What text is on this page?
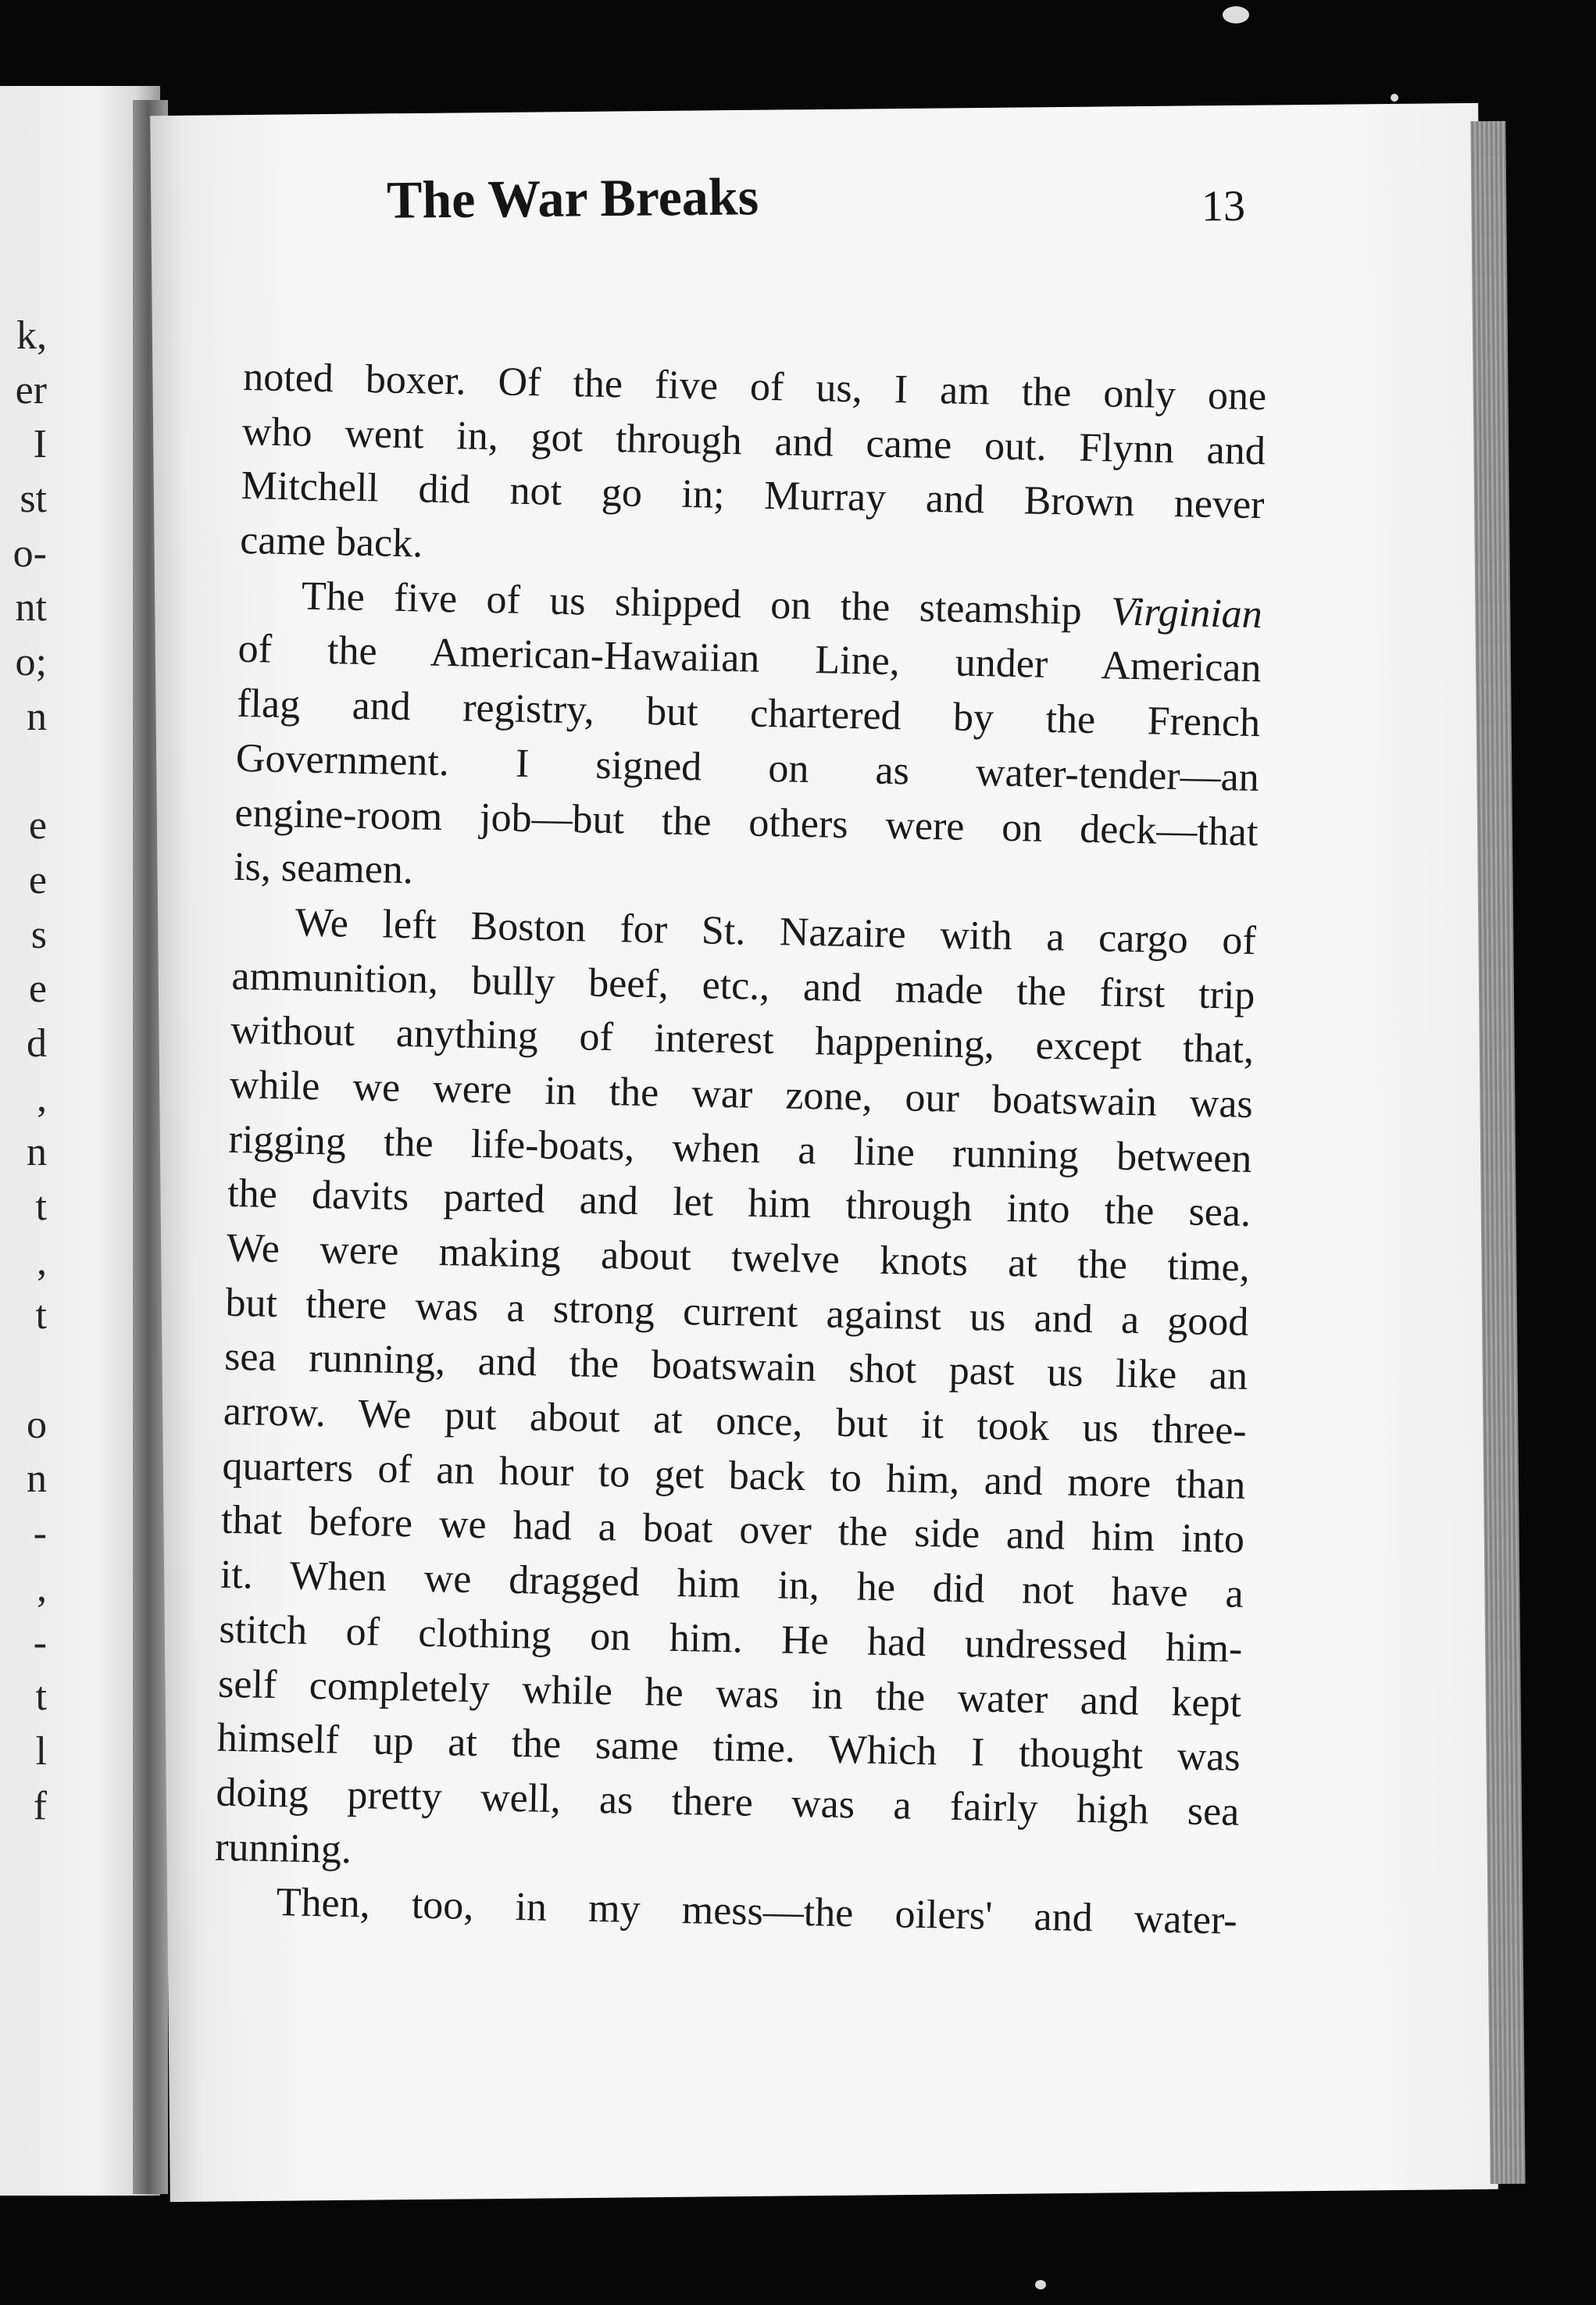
k,
er
I
st
o-
nt
o;
n
e
e
s
e
d
,
n
t
,
t
o
n
-
,
-
t
l
f
The War Breaks	13
noted boxer. Of the five of us, I am the only one
who went in, got through and came out. Flynn and
Mitchell did not go in; Murray and Brown never
came back.
The five of us shipped on the steamship Virginian
of the American-Hawaiian Line, under American
flag and registry, but chartered by the French
Government. I signed on as water-tender—an
engine-room job—but the others were on deck—that
is, seamen.
We left Boston for St. Nazaire with a cargo of
ammunition, bully beef, etc., and made the first trip
without anything of interest happening, except that,
while we were in the war zone, our boatswain was
rigging the life-boats, when a line running between
the davits parted and let him through into the sea.
We were making about twelve knots at the time,
but there was a strong current against us and a good
sea running, and the boatswain shot past us like an
arrow. We put about at once, but it took us three-
quarters of an hour to get back to him, and more than
that before we had a boat over the side and him into
it. When we dragged him in, he did not have a
stitch of clothing on him. He had undressed him-
self completely while he was in the water and kept
himself up at the same time. Which I thought was
doing pretty well, as there was a fairly high sea
running.
Then, too, in my mess—the oilers' and water-
